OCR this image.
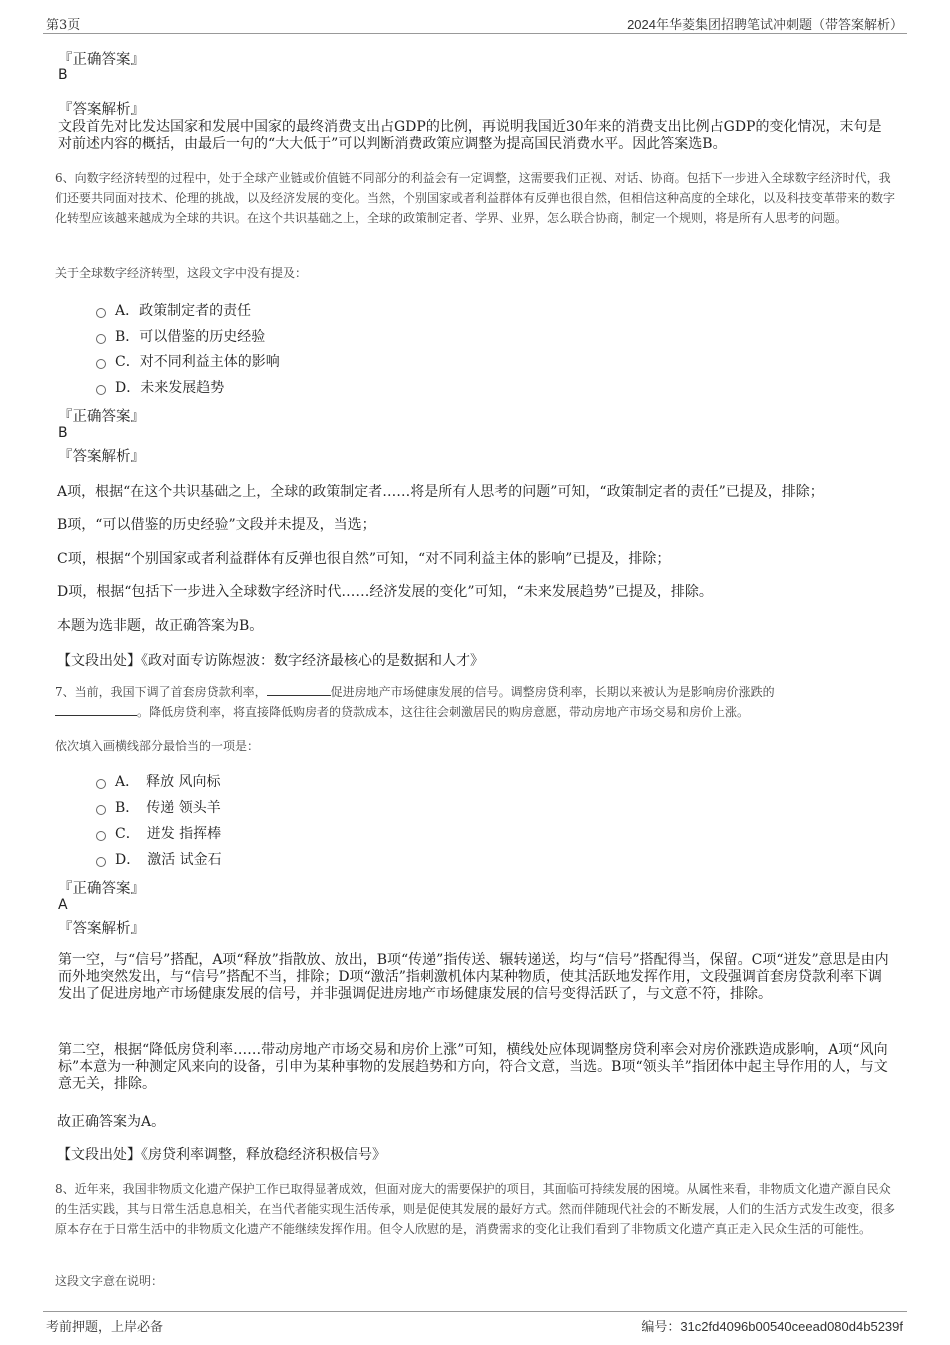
第3页	2024年华菱集团招聘笔试冲刺题（带答案解析）
『正确答案』
B
『答案解析』
文段首先对比发达国家和发展中国家的最终消费支出占GDP的比例，再说明我国近30年来的消费支出比例占GDP的变化情况，末句是对前述内容的概括，由最后一句的“大大低于”可以判断消费政策应调整为提高国民消费水平。因此答案选B。
6、向数字经济转型的过程中，处于全球产业链或价值链不同部分的利益会有一定调整，这需要我们正视、对话、协商。包括下一步进入全球数字经济时代，我们还要共同面对技术、伦理的挑战，以及经济发展的变化。当然，个别国家或者利益群体有反弹也很自然，但相信这种高度的全球化，以及科技变革带来的数字化转型应该越来越成为全球的共识。在这个共识基础之上，全球的政策制定者、学界、业界，怎么联合协商，制定一个规则，将是所有人思考的问题。
关于全球数字经济转型，这段文字中没有提及：
A．政策制定者的责任
B．可以借鉴的历史经验
C．对不同利益主体的影响
D．未来发展趋势
『正确答案』
B
『答案解析』
A项，根据“在这个共识基础之上，全球的政策制定者……将是所有人思考的问题”可知，“政策制定者的责任”已提及，排除；
B项，“可以借鉴的历史经验”文段并未提及，当选；
C项，根据“个别国家或者利益群体有反弹也很自然”可知，“对不同利益主体的影响”已提及，排除；
D项，根据“包括下一步进入全球数字经济时代……经济发展的变化”可知，“未来发展趋势”已提及，排除。
本题为选非题，故正确答案为B。
【文段出处】《政对面专访陈煜波：数字经济最核心的是数据和人才》
7、当前，我国下调了首套房贷款利率，	促进房地产市场健康发展的信号。调整房贷利率，长期以来被认为是影响房价涨跌的
。降低房贷利率，将直接降低购房者的贷款成本，这往往会刺激居民的购房意愿，带动房地产市场交易和房价上涨。
依次填入画横线部分最恰当的一项是：
A．　释放 风向标
B．　传递 领头羊
C．　迸发 指挥棒
D．　激活 试金石
『正确答案』
A
『答案解析』
第一空，与“信号”搭配，A项“释放”指散放、放出，B项“传递”指传送、辗转递送，均与“信号”搭配得当，保留。C项“迸发”意思是由内而外地突然发出，与“信号”搭配不当，排除；D项“激活”指刺激机体内某种物质，使其活跃地发挥作用，文段强调首套房贷款利率下调发出了促进房地产市场健康发展的信号，并非强调促进房地产市场健康发展的信号变得活跃了，与文意不符，排除。
第二空，根据“降低房贷利率……带动房地产市场交易和房价上涨”可知，横线处应体现调整房贷利率会对房价涨跌造成影响，A项“风向标”本意为一种测定风来向的设备，引申为某种事物的发展趋势和方向，符合文意，当选。B项“领头羊”指团体中起主导作用的人，与文意无关，排除。
故正确答案为A。
【文段出处】《房贷利率调整，释放稳经济积极信号》
8、近年来，我国非物质文化遗产保护工作已取得显著成效，但面对庞大的需要保护的项目，其面临可持续发展的困境。从属性来看，非物质文化遗产源自民众的生活实践，其与日常生活息息相关，在当代者能实现生活传承，则是促使其发展的最好方式。然而伴随现代社会的不断发展，人们的生活方式发生改变，很多原本存在于日常生活中的非物质文化遗产不能继续发挥作用。但令人欣慰的是，消费需求的变化让我们看到了非物质文化遗产真正走入民众生活的可能性。
这段文字意在说明：
考前押题，上岸必备	编号：31c2fd4096b00540ceead080d4b5239f
